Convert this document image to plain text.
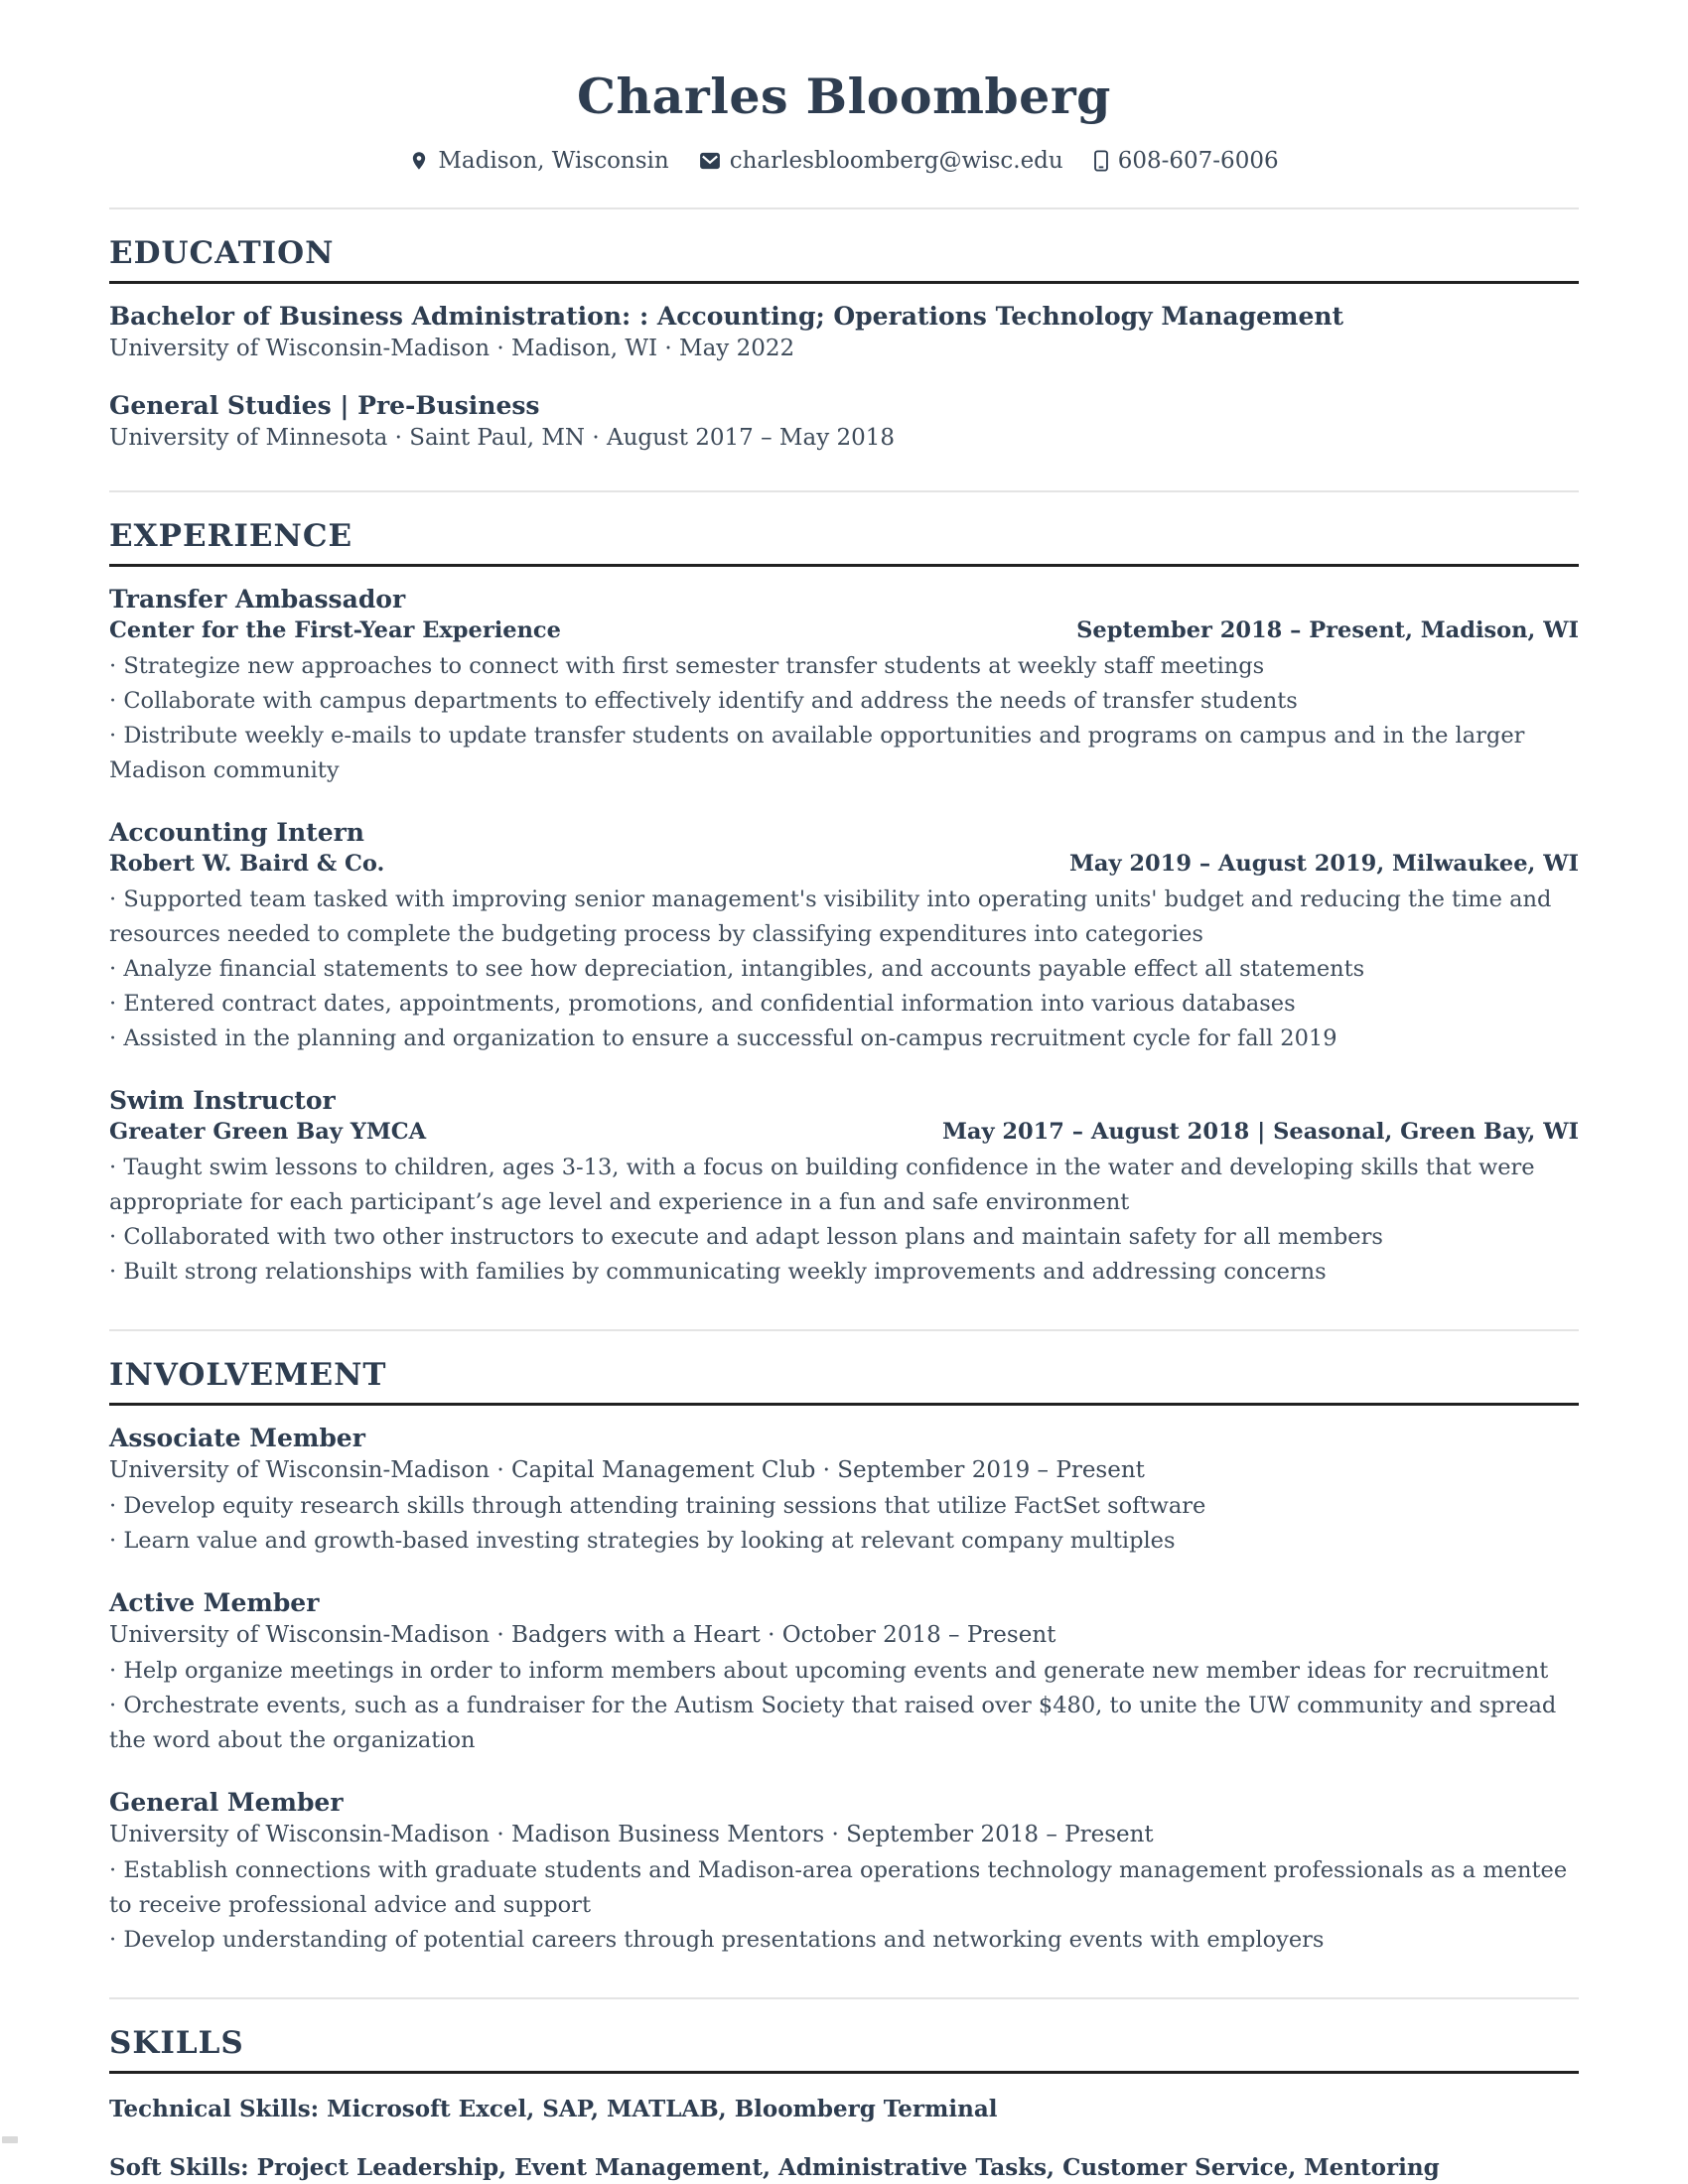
Charles Bloomberg
Madison, Wisconsin	charlesbloomberg@wisc.edu 608-607-6006
EDUCATION
Bachelor of Business Administration: : Accounting; Operations Technology Management
University of Wisconsin-Madison · Madison, WI · May 2022
General Studies | Pre-Business
University of Minnesota · Saint Paul, MN · August 2017 – May 2018
EXPERIENCE
Transfer Ambassador
Center for the First-Year Experience	September 2018 – Present, Madison, WI
· Strategize new approaches to connect with first semester transfer students at weekly staff meetings
· Collaborate with campus departments to effectively identify and address the needs of transfer students
· Distribute weekly e-mails to update transfer students on available opportunities and programs on campus and in the larger Madison community
Accounting Intern
Robert W. Baird & Co.	May 2019 – August 2019, Milwaukee, WI
· Supported team tasked with improving senior management's visibility into operating units' budget and reducing the time and resources needed to complete the budgeting process by classifying expenditures into categories
· Analyze financial statements to see how depreciation, intangibles, and accounts payable effect all statements
· Entered contract dates, appointments, promotions, and confidential information into various databases
· Assisted in the planning and organization to ensure a successful on-campus recruitment cycle for fall 2019
Swim Instructor
Greater Green Bay YMCA	May 2017 – August 2018 | Seasonal, Green Bay, WI
· Taught swim lessons to children, ages 3-13, with a focus on building confidence in the water and developing skills that were appropriate for each participant’s age level and experience in a fun and safe environment
· Collaborated with two other instructors to execute and adapt lesson plans and maintain safety for all members
· Built strong relationships with families by communicating weekly improvements and addressing concerns
INVOLVEMENT
Associate Member
University of Wisconsin-Madison · Capital Management Club · September 2019 – Present
· Develop equity research skills through attending training sessions that utilize FactSet software
· Learn value and growth-based investing strategies by looking at relevant company multiples
Active Member
University of Wisconsin-Madison · Badgers with a Heart · October 2018 – Present
· Help organize meetings in order to inform members about upcoming events and generate new member ideas for recruitment
· Orchestrate events, such as a fundraiser for the Autism Society that raised over $480, to unite the UW community and spread the word about the organization
General Member
University of Wisconsin-Madison · Madison Business Mentors · September 2018 – Present
· Establish connections with graduate students and Madison-area operations technology management professionals as a mentee to receive professional advice and support
· Develop understanding of potential careers through presentations and networking events with employers
SKILLS
Technical Skills: Microsoft Excel, SAP, MATLAB, Bloomberg Terminal
Soft Skills: Project Leadership, Event Management, Administrative Tasks, Customer Service, Mentoring
